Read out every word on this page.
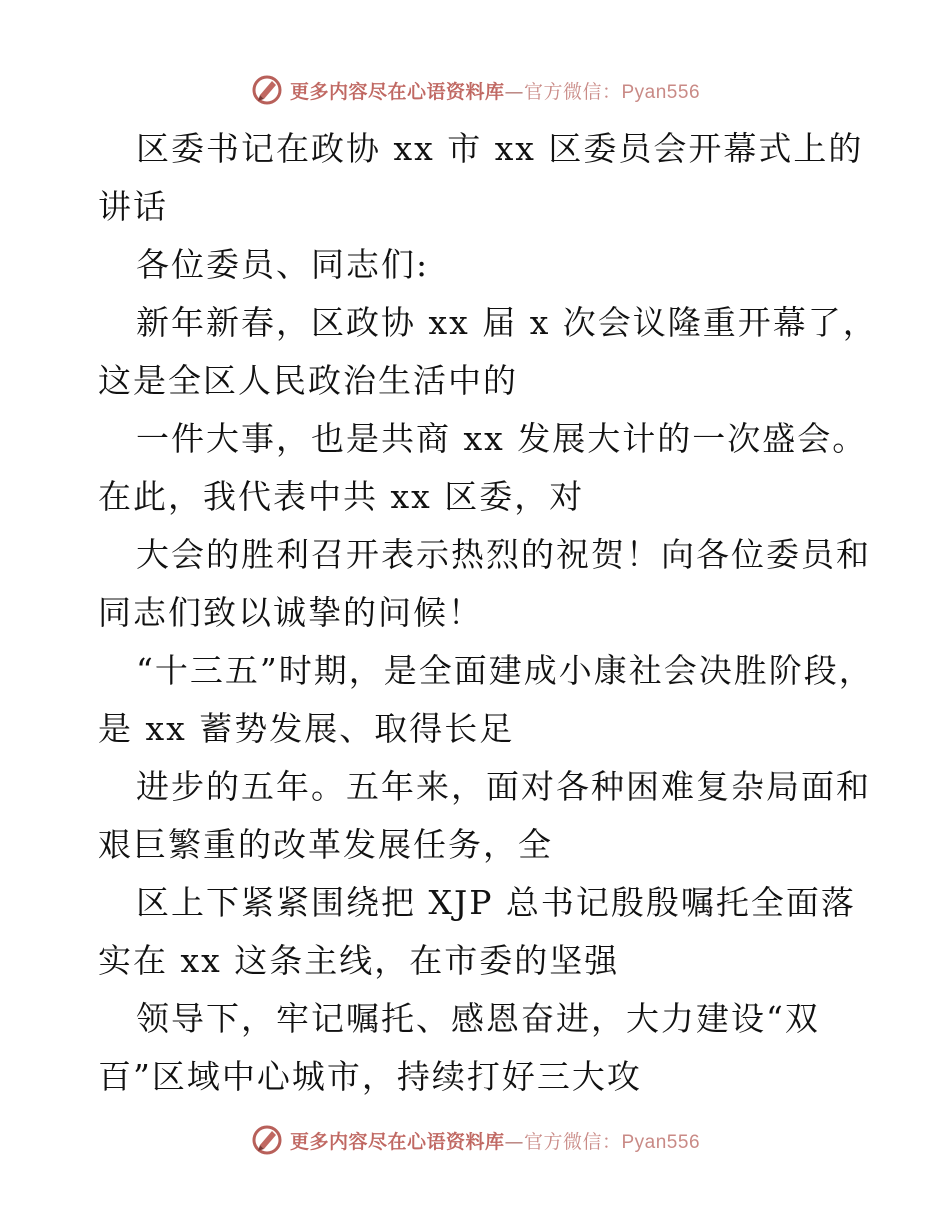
更多内容尽在心语资料库—官方微信：Pyan556

区委书记在政协 xx 市 xx 区委员会开幕式上的讲话

各位委员、同志们:

新年新春，区政协 xx 届 x 次会议隆重开幕了，这是全区人民政治生活中的

一件大事，也是共商 xx 发展大计的一次盛会。在此，我代表中共 xx 区委，对

大会的胜利召开表示热烈的祝贺！向各位委员和同志们致以诚挚的问候！

“十三五”时期，是全面建成小康社会决胜阶段，是 xx 蓄势发展、取得长足

进步的五年。五年来，面对各种困难复杂局面和艰巨繁重的改革发展任务，全

区上下紧紧围绕把 XJP 总书记殷殷嘱托全面落实在 xx 这条主线，在市委的坚强

领导下，牢记嘱托、感恩奋进，大力建设“双百”区域中心城市，持续打好三大攻

更多内容尽在心语资料库—官方微信：Pyan556
